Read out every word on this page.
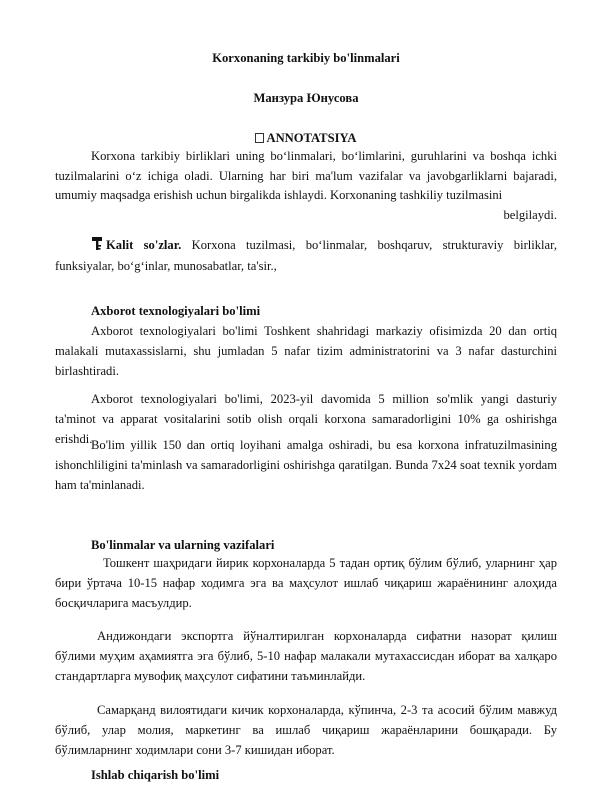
Korxonaning tarkibiy bo'linmalari
Манзура Юнусова
ANNOTATSIYA
Korxona tarkibiy birliklari uning bo‘linmalari, bo‘limlarini, guruhlarini va boshqa ichki tuzilmalarini o‘z ichiga oladi. Ularning har biri ma'lum vazifalar va javobgarliklarni bajaradi, umumiy maqsadga erishish uchun birgalikda ishlaydi. Korxonaning tashkiliy tuzilmasini
belgilaydi.
Kalit so'zlar. Korxona tuzilmasi, bo‘linmalar, boshqaruv, strukturaviy birliklar, funksiyalar, bo‘g‘inlar, munosabatlar, ta'sir.,
Axborot texnologiyalari bo'limi
Axborot texnologiyalari bo'limi Toshkent shahridagi markaziy ofisimizda 20 dan ortiq malakali mutaxassislarni, shu jumladan 5 nafar tizim administratorini va 3 nafar dasturchini birlashtiradi.
Axborot texnologiyalari bo'limi, 2023-yil davomida 5 million so'mlik yangi dasturiy ta'minot va apparat vositalarini sotib olish orqali korxona samaradorligini 10% ga oshirishga erishdi.
Bo'lim yillik 150 dan ortiq loyihani amalga oshiradi, bu esa korxona infratuzilmasining ishonchliligini ta'minlash va samaradorligini oshirishga qaratilgan. Bunda 7x24 soat texnik yordam ham ta'minlanadi.
Bo'linmalar va ularning vazifalari
Тошкент шаҳридаги йирик корхоналарда 5 тадан ортиқ бўлим бўлиб, уларнинг ҳар бири ўртача 10-15 нафар ходимга эга ва маҳсулот ишлаб чиқариш жараёнининг алоҳида босқичларига масъулдир.
Андижондаги экспортга йўналтирилган корхоналарда сифатни назорат қилиш бўлими муҳим аҳамиятга эга бўлиб, 5-10 нафар малакали мутахассисдан иборат ва халқаро стандартларга мувофиқ маҳсулот сифатини таъминлайди.
Самарқанд вилоятидаги кичик корхоналарда, кўпинча, 2-3 та асосий бўлим мавжуд бўлиб, улар молия, маркетинг ва ишлаб чиқариш жараёнларини бошқаради. Бу бўлимларнинг ходимлари сони 3-7 кишидан иборат.
Ishlab chiqarish bo'limi
